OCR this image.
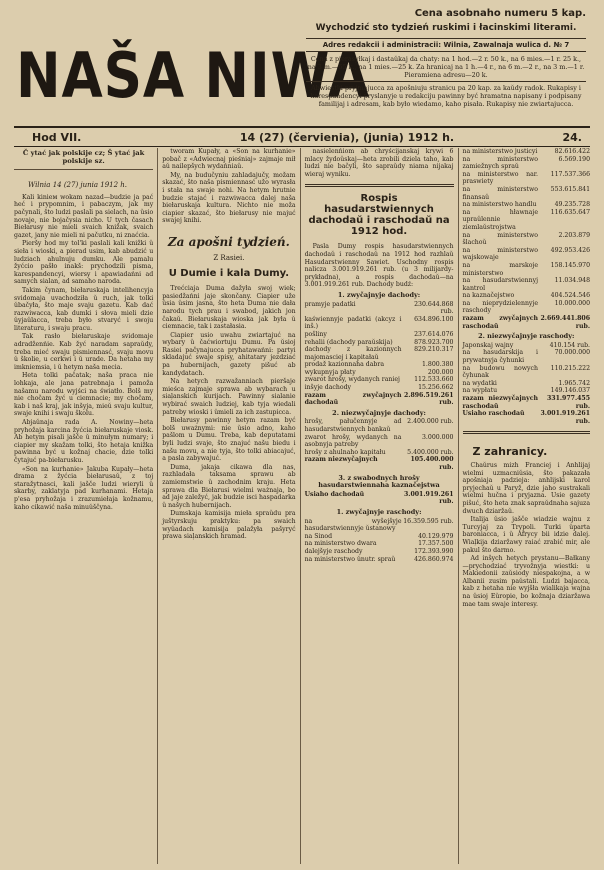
NAŠA NIWA
Cena asobnaho numeru 5 kap.
Wychodzić sto tydzień ruskimi i łacinskimi literami.
Adres redakcii i administracii: Wilnia, Zawalnaja wulica d. № 7
Cena z pierasyłkaj i dastaŭkaj da chaty: na 1 hod.—2 r. 50 k., na 6 mies.—1 r. 25 k., na 3 m.—65 k., na 1 mies.—25 k. Za hranicaj na 1 h.—4 r., na 6 m.—2 r., na 3 m.—1 r. Pieramiena adresu—20 k.
Abwiestki pryjmajucca za apošniuju stranicu pa 20 kap. za kaŭdy radok. Rukapisy i karespandencyi pryslanyje u redakciju pawinny być hramatna napisany i podpisany familijaj i adresam, kab było wiedamo, kaho pisała. Rukapisy nie zwiartajucca.
Hod VII.	14 (27) (červienia), (junia) 1912 h.	24.
Č ytać jak polskije cz; Š ytać jak polskije sz.
Wilnia 14 (27) junia 1912 h.

Kali kinieм wokam nazad—budzie ja pać heć i prypomnim, i pabaczym, jak my pačynali, što ludzi paslali pa sielach, na ŭsio novaje, nie bojačysia nicho. U tych časach Biełarusy nie mieli svaich knižak, svaich gazet, jany nie mieli ni pačutku, ni znaćcia.

Pieršy hod my tol'ki paslali kali knižki ŭ sieła i wioski, a pierad usim, kab abudzić u ludziach ahulnuju dumku. Ale pamalu žyćcio pašło inakš: prychodzili pisma, karespandencyi, wiersy i apawiadańni ad samych sialan, ad samaho naroda.

Takim čynam, biełaruskaja intelihencyja svidomaja uvachodziła ŭ ruch, jak tolki ŭbačyła, što maje svaju gazetu. Kab dać razwiwacca, kab dumki i słova mieli dzie ŭyjaŭlacca, treba było stvaryć i swoju literaturu, i swaju praсu.

Tak rasło biełaruskaje svidomaje adradženńie. Kab žyć naradam sapraŭdy, treba mieć swaju pismiennasć, svaju movu ŭ školie, u cerkwi i ŭ urade. Da hetaha my imkniemsia, i ŭ hetym naša mecia.

Heta tolki pačatak; naša praca nie lohkaja, ale jana patrebnaja i pamoža našamu narodu wyjści na światło. Bolš my nie chočam žyć u ciemnacie; my chočam, kab i naš kraj, jak inšyja, mieŭ svaju kultur, swaje knihi i swaju školu.

Abjaŭnaja rada A. Nowiny—heta pryhožaja karcina žyćcia biełaruskaje viosk. Ab hetym pisali jašče ŭ minułym numary; i ciapier my skažam tolki, što hetaja knižka pawinna być u kožnaj chacie, dzie tolki čytajuć pa-biełarusku.

«Son na kurhanie» Jakuba Kupały—heta drama z žyćcia biełarusaŭ, z toj staražytnasci, kali jašče ludzi wieryli ŭ skarby, zaklatyja pad kurhanami. Hetaja p'esa pryhožaja i zrazumiełaja kožnamu, kaho cikawić naša minuŭščyna.

tworam Kupały, a «Son na kurhanie» pobač z «Adwiecnaj pieśniaj» zajmaje mił aŭ nailepšych wydańniaŭ.

My, na budučyniu zahladajučy, možam skazać, što naša pismiennasć užo wyrasła i stała na swaje nohi. Na hetym hrutnie budzie stajać i razwiwacca dalej naša biełaruskaja kultura. Nichto nie moža ciapier skazać, što biełarusy nie majuć swajej knihi.

Za apošni tydzień.
Z Rasiei.
U Dumie i kala Dumy.

Trećciaja Duma dažyła swoj wiek; pasiedžańni jaje skončany. Ciapier uže ŭsia ŭsim jasna, što heta Duma nie dała narodu tych prau i swabod, jakich jon čakaŭ. Biełaruskaja wioska jak była ŭ ciemnacie, tak i zastałasia.

Ciapier usio uwahu zwiartajuć na wybary ŭ čaćwiortuju Dumu. Pa ŭsioj Rasiei pačynajucca pryhatawańni: partyi skladajuć swaje spisy, ahitatary jezdziać pa hubernijach, gazety pišuć ab kandydatach.

Na hetych razwažanniach pieršaje mieśca zajmaje sprawa ab wybarach u siaļanskich kurijach. Pawinny sialanie wybirać swaich ludziej, kab tyja wiedali patreby wioski i ŭmieli za ich zastupicca.

Biełarusy pawinny hetym razam być bolš uważnymi: nie ŭsio adno, kaho pašlom u Dumu. Treba, kab deputatami byli ludzi svaje, što znajuć našu biedu i našu movu, a nie tyja, što tolki abiacajuć, a pasla zabywajuć.

Duma, jakaja cikawa dla nas, razhladała taksama sprawu ab zamiemstwie ŭ zachodnim kraju. Heta sprawa dla Biełarusi wielmi ważnaja, bo ad jaje zaležyć, jak budzie isci haspadarka ŭ našych hubernijach.

Dumskaja kamisija mieła spraŭdu pra juštyrskuju praktyku: pa swaich wyŭadach kamisija palažyła pašyryć prawa siaļanskich hramad.

nasielenńiom ab chryścijanskaj krywi 6 mlacy žydoŭskaj—heta zrobili dziela taho, kab ludzi nie bačyli, što sapraŭdy niama nijakaj wieraj wyniku.

Rospis hasudarstwiennych dachodaŭ i raschodaŭ na 1912 hod.

Pasla Dumy rospis hasudarstwiennych dachodaŭ i raschodaŭ na 1912 hod razhlaŭ Hasudarstwienny Sawiet. Uschodny rospis nalicza 3.001.919.261 rub. (u 3 milijardy-prykładna), a rospis dachodaŭ—na 3.001.919.261 rub. Dachody budź:

1. zwyčajnyje dachody:
pramyje padatki	230.644.868 rub.
kaświennyje padatki (akcyz i inš.)
634.896.100
pošliny	237.614.076
rehalii (dachody paraŭskija)	878.923.700
dachody z kazionnych majomasciej i kapitałaŭ
829.210.317
prodaž kazionnaha dabra	1.800.380
wykupnyja płaty	200.000
zwarot hrošy, wydanych raniej	112.533.660
inšyje dachody	15.256.662
razam zwyčajnych dachodaŭ
2.896.519.261 rub.
2. niezwyčajnyje dachody:
hrošy, pałučennyje ad hasudarstwiennych bankaŭ
2.400.000 rub.
zwarot hrošy, wydanych na asobnyja patreby
3.000.000
hrošy z ahulnaho kapitału	5.400.000 rub.
razam niezwyčajnych	105.400.000 rub.
3. z swabodnych hrošy hasudarstwiennaha kaznačejstwa
Usiaho dachodaŭ	3.001.919.261 rub.
1. zwyčajnyje raschody:
na wyšejšyje hasudarstwiennyje ŭstanowy
16.359.595 rub.
na Sinod	40.129.979
na ministerstwo dwara	17.357.500
dalejšyje raschody	172.393.990
na ministerstwo ŭnutr. spraŭ	426.860.974
na ministerstwo justicyi	82.616.422
na ministerstwo zamiežnych spraŭ
6.569.190
na ministerstwo nar. praswiety
117.537.366
na ministerstwo finansaŭ
553.615.841
na ministerstwo handlu	49.235.728
na hławnaje upraŭlennie ziemlaŭstrojstwa
116.635.647
na ministerstwo šlachoŭ
2.203.879
na ministerstwo wajskowaje
492.953.426
na marskoje ministerstwo
158.145.970
na hasudarstwiennyj kantrol
11.034.948
na kaznačejstwo	404.524.546
na nieprydzielennyje raschody
10.000.000
razam zwyčajnych raschodaŭ
2.669.441.806 rub.
2. niezwyčajnyje raschody:
Japonskaj wajny	410.154 rub.
na hasudarskija i prywatnyja čyhunki
70.000.000
na budowu nowych čyhunak
110.215.222
na wydatki	1.965.742
na wypłatu	149.146.037
razam niezwyčajnych raschodaŭ
331.977.455 rub.
Usiaho raschodaŭ	3.001.919.261 rub.
Z zahranicy.

Chaŭrus mizh Franciej i Anhlijaj wielmi uzmacniŭsia, što pakazała apošniaja padzieja: anhlijski karol pryjechaŭ u Paryž, dzie jaho sustrakali wielmi hučna i pryjazna. Usie gazety pišuć, što heta znak sapraŭdnaha sajuza dwuch dziaržaŭ.

Italija ŭsio jašče wiadzie wajnu z Turcyjaj za Trypoli. Turki ŭparta baroniacca, i ŭ Afrycy bii idzie dalej. Wiaļkija dziaržawy raiać zrabić mir, ale pakul što darmo.

Ad inšych hetych prystanu—Bałkany—prychodziać tryvožnyja wiestki: u Makiedonii zaŭsiody niespakojna, a w Albanii zusim paŭstali. Ludzi bajacca, kab z hetaha nie wyjšła wialikaja wajna na ŭsioj Eŭropie, bo kožnaja dziaržawa mae tam swaje interesy.
